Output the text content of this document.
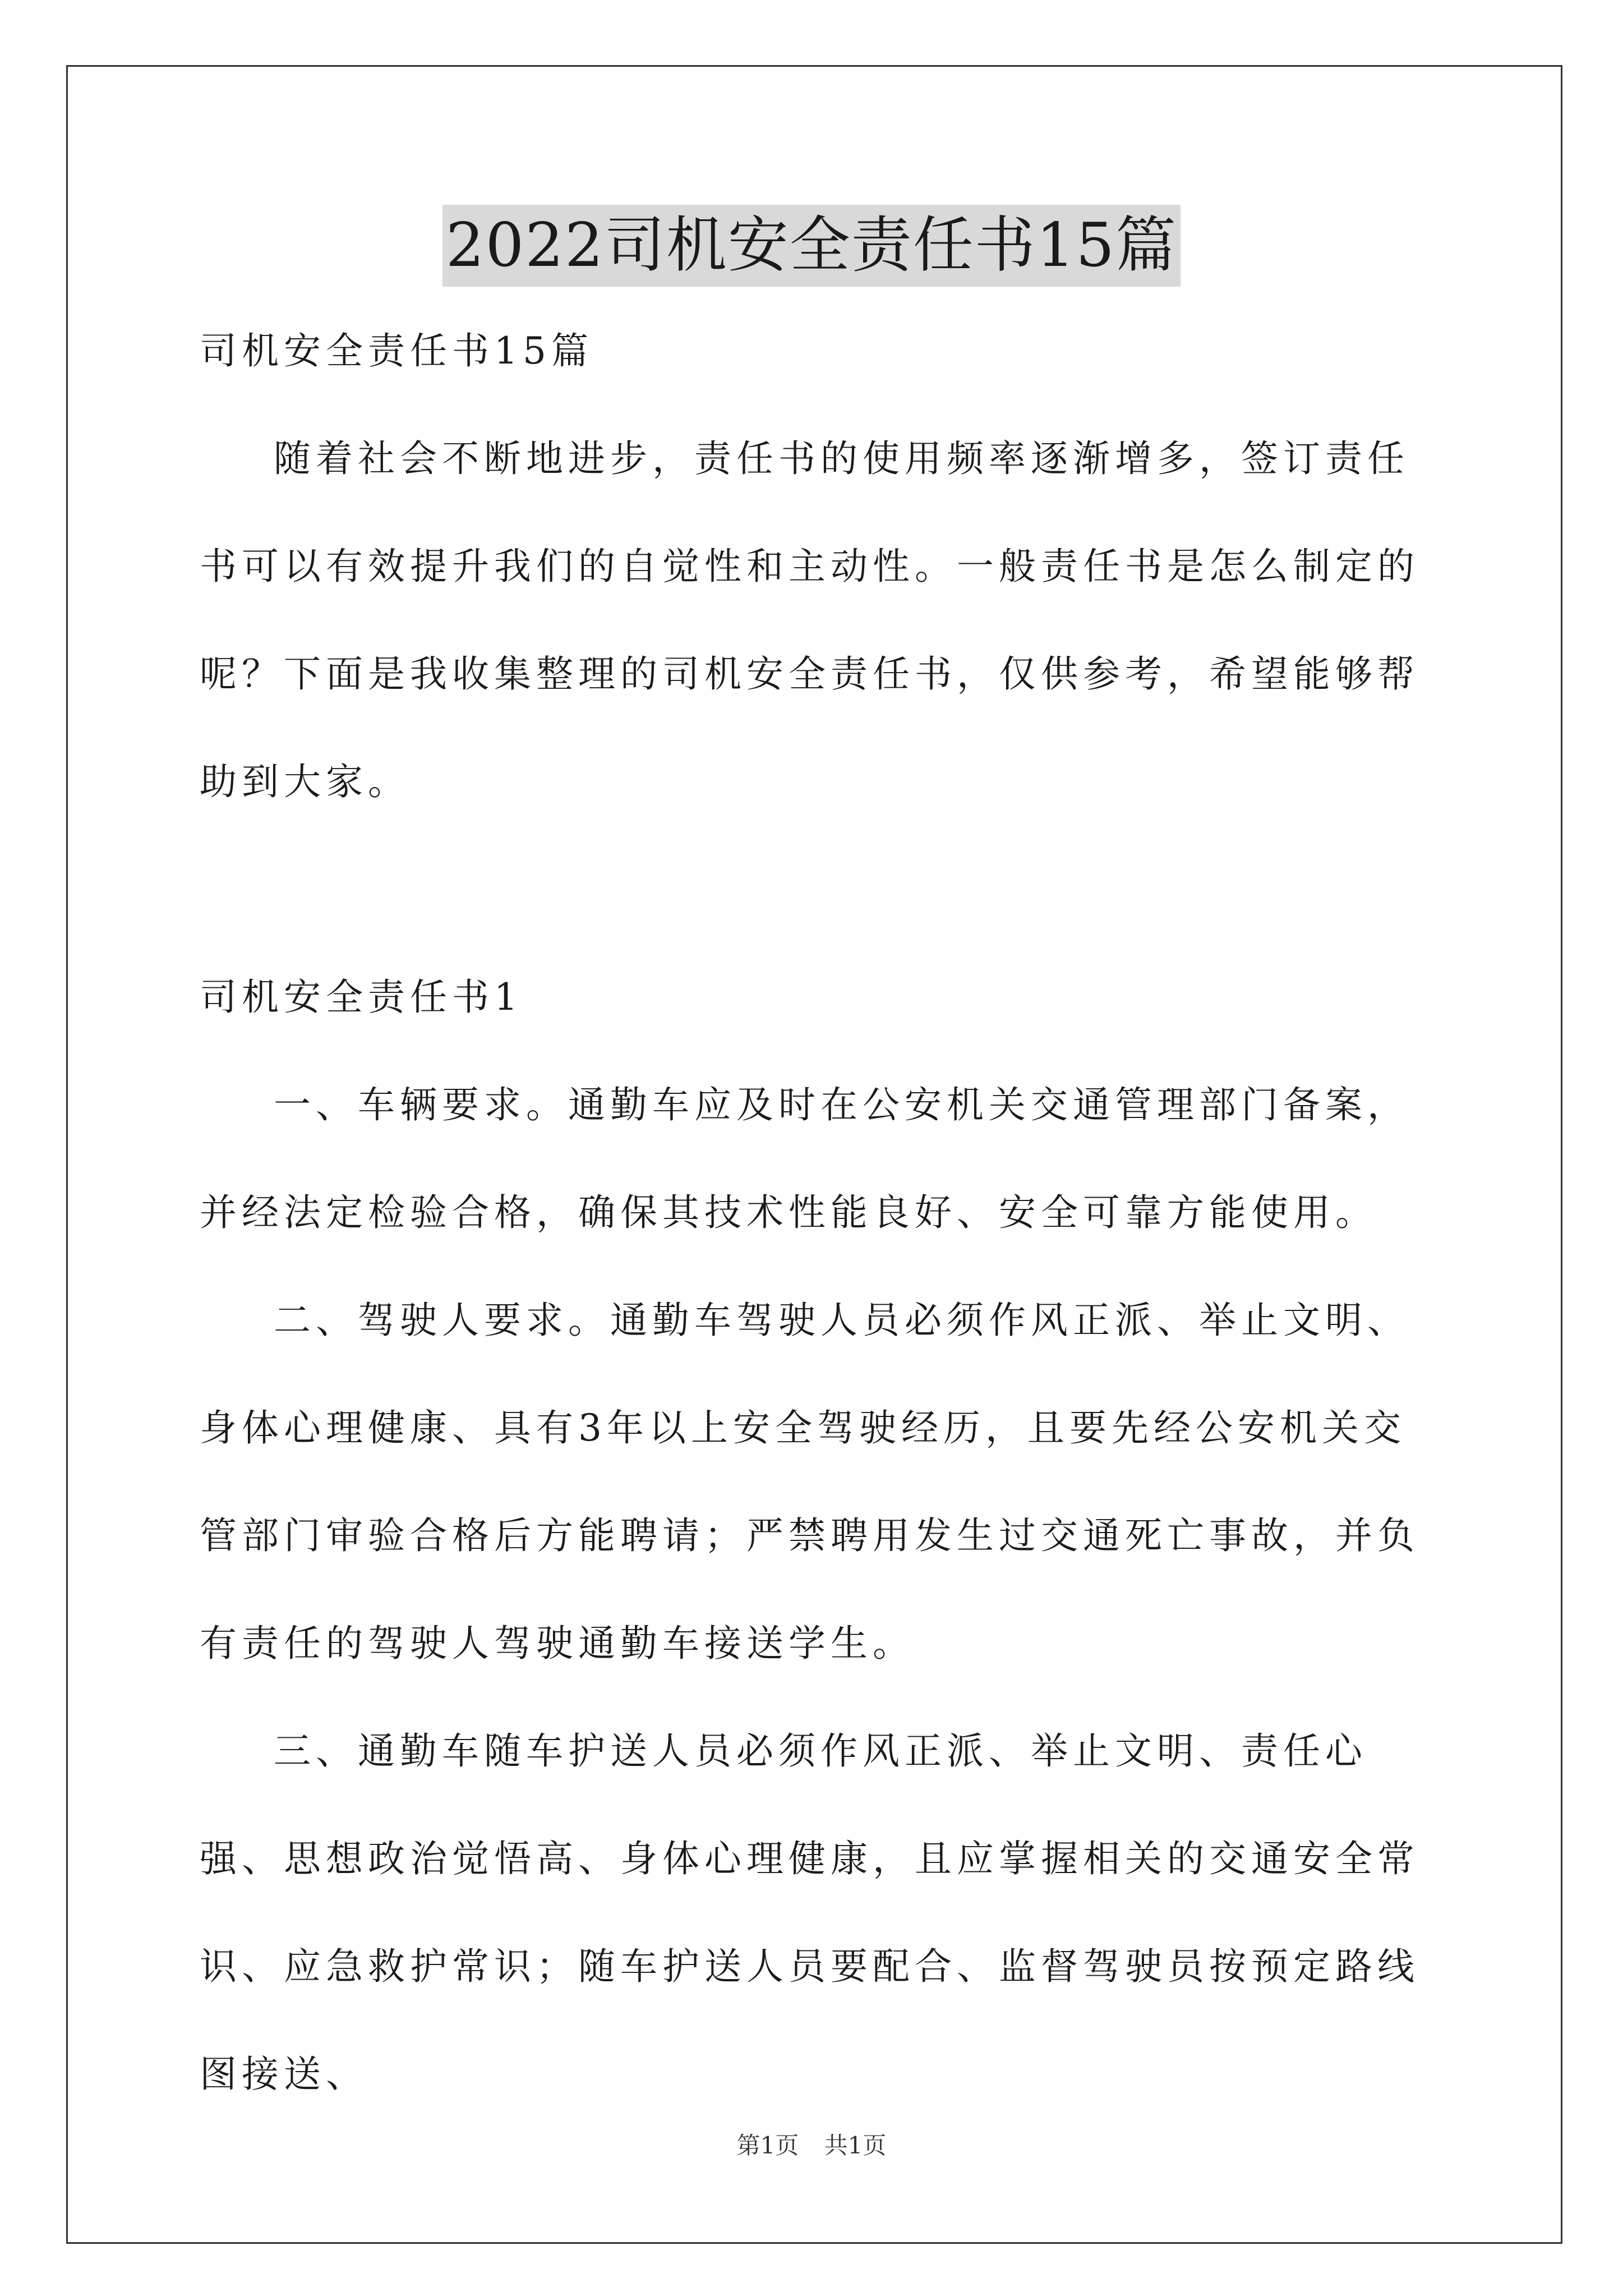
2022司机安全责任书15篇

司机安全责任书15篇

随着社会不断地进步，责任书的使用频率逐渐增多，签订责任书可以有效提升我们的自觉性和主动性。一般责任书是怎么制定的呢？下面是我收集整理的司机安全责任书，仅供参考，希望能够帮助到大家。

司机安全责任书1

一、车辆要求。通勤车应及时在公安机关交通管理部门备案，并经法定检验合格，确保其技术性能良好、安全可靠方能使用。

二、驾驶人要求。通勤车驾驶人员必须作风正派、举止文明、身体心理健康、具有3年以上安全驾驶经历，且要先经公安机关交管部门审验合格后方能聘请；严禁聘用发生过交通死亡事故，并负有责任的驾驶人驾驶通勤车接送学生。

三、通勤车随车护送人员必须作风正派、举止文明、责任心强、思想政治觉悟高、身体心理健康，且应掌握相关的交通安全常识、应急救护常识；随车护送人员要配合、监督驾驶员按预定路线图接送、

第1页 共1页
